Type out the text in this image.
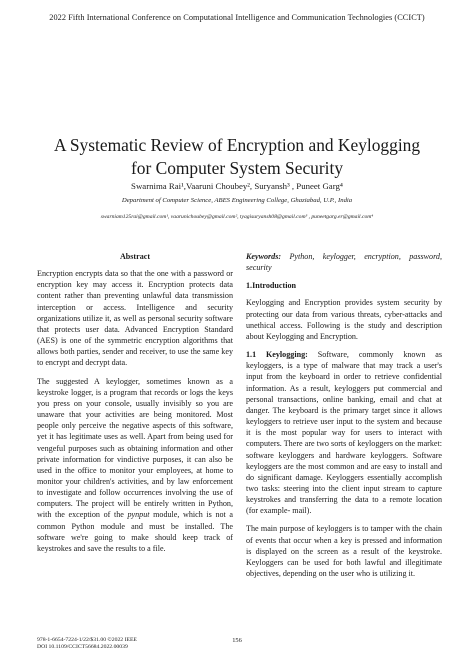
2022 Fifth International Conference on Computational Intelligence and Communication Technologies (CCICT)
A Systematic Review of Encryption and Keylogging
for Computer System Security
Swarnima Rai¹,Vaaruni Choubey², Suryansh³ , Puneet Garg⁴
Department of Computer Science, ABES Engineering College, Ghaziabad, U.P., India
swarniam125rai@gmail.com¹, vaarunichoubey@gmail.com², tyagisuryansh08@gmail.com³ , puneetgarg.er@gmail.com⁴
Abstract

Encryption encrypts data so that the one with a password or encryption key may access it. Encryption protects data content rather than preventing unlawful data transmission interception or access. Intelligence and security organizations utilize it, as well as personal security software that protects user data. Advanced Encryption Standard (AES) is one of the symmetric encryption algorithms that allows both parties, sender and receiver, to use the same key to encrypt and decrypt data.

The suggested A keylogger, sometimes known as a keystroke logger, is a program that records or logs the keys you press on your console, usually invisibly so you are unaware that your activities are being monitored. Most people only perceive the negative aspects of this software, yet it has legitimate uses as well. Apart from being used for vengeful purposes such as obtaining information and other private information for vindictive purposes, it can also be used in the office to monitor your employees, at home to monitor your children's activities, and by law enforcement to investigate and follow occurrences involving the use of computers. The project will be entirely written in Python, with the exception of the pynput module, which is not a common Python module and must be installed. The software we're going to make should keep track of keystrokes and save the results to a file.

Keywords: Python, keylogger, encryption, password, security

1.Introduction

Keylogging and Encryption provides system security by protecting our data from various threats, cyber-attacks and unethical access. Following is the study and description about Keylogging and Encryption.

1.1 Keylogging: Software, commonly known as keyloggers, is a type of malware that may track a user's input from the keyboard in order to retrieve confidential information. As a result, keyloggers put commercial and personal transactions, online banking, email and chat at danger. The keyboard is the primary target since it allows keyloggers to retrieve user input to the system and because it is the most popular way for users to interact with computers. There are two sorts of keyloggers on the market: software keyloggers and hardware keyloggers. Software keyloggers are the most common and are easy to install and do significant damage. Keyloggers essentially accomplish two tasks: steering into the client input stream to capture keystrokes and transferring the data to a remote location (for example- mail).

The main purpose of keyloggers is to tamper with the chain of events that occur when a key is pressed and information is displayed on the screen as a result of the keystroke. Keyloggers can be used for both lawful and illegitimate objectives, depending on the user who is utilizing it.

978-1-6654-7224-1/22/$31.00 ©2022 IEEE
DOI 10.1109/CCICT56684.2022.00039
156
